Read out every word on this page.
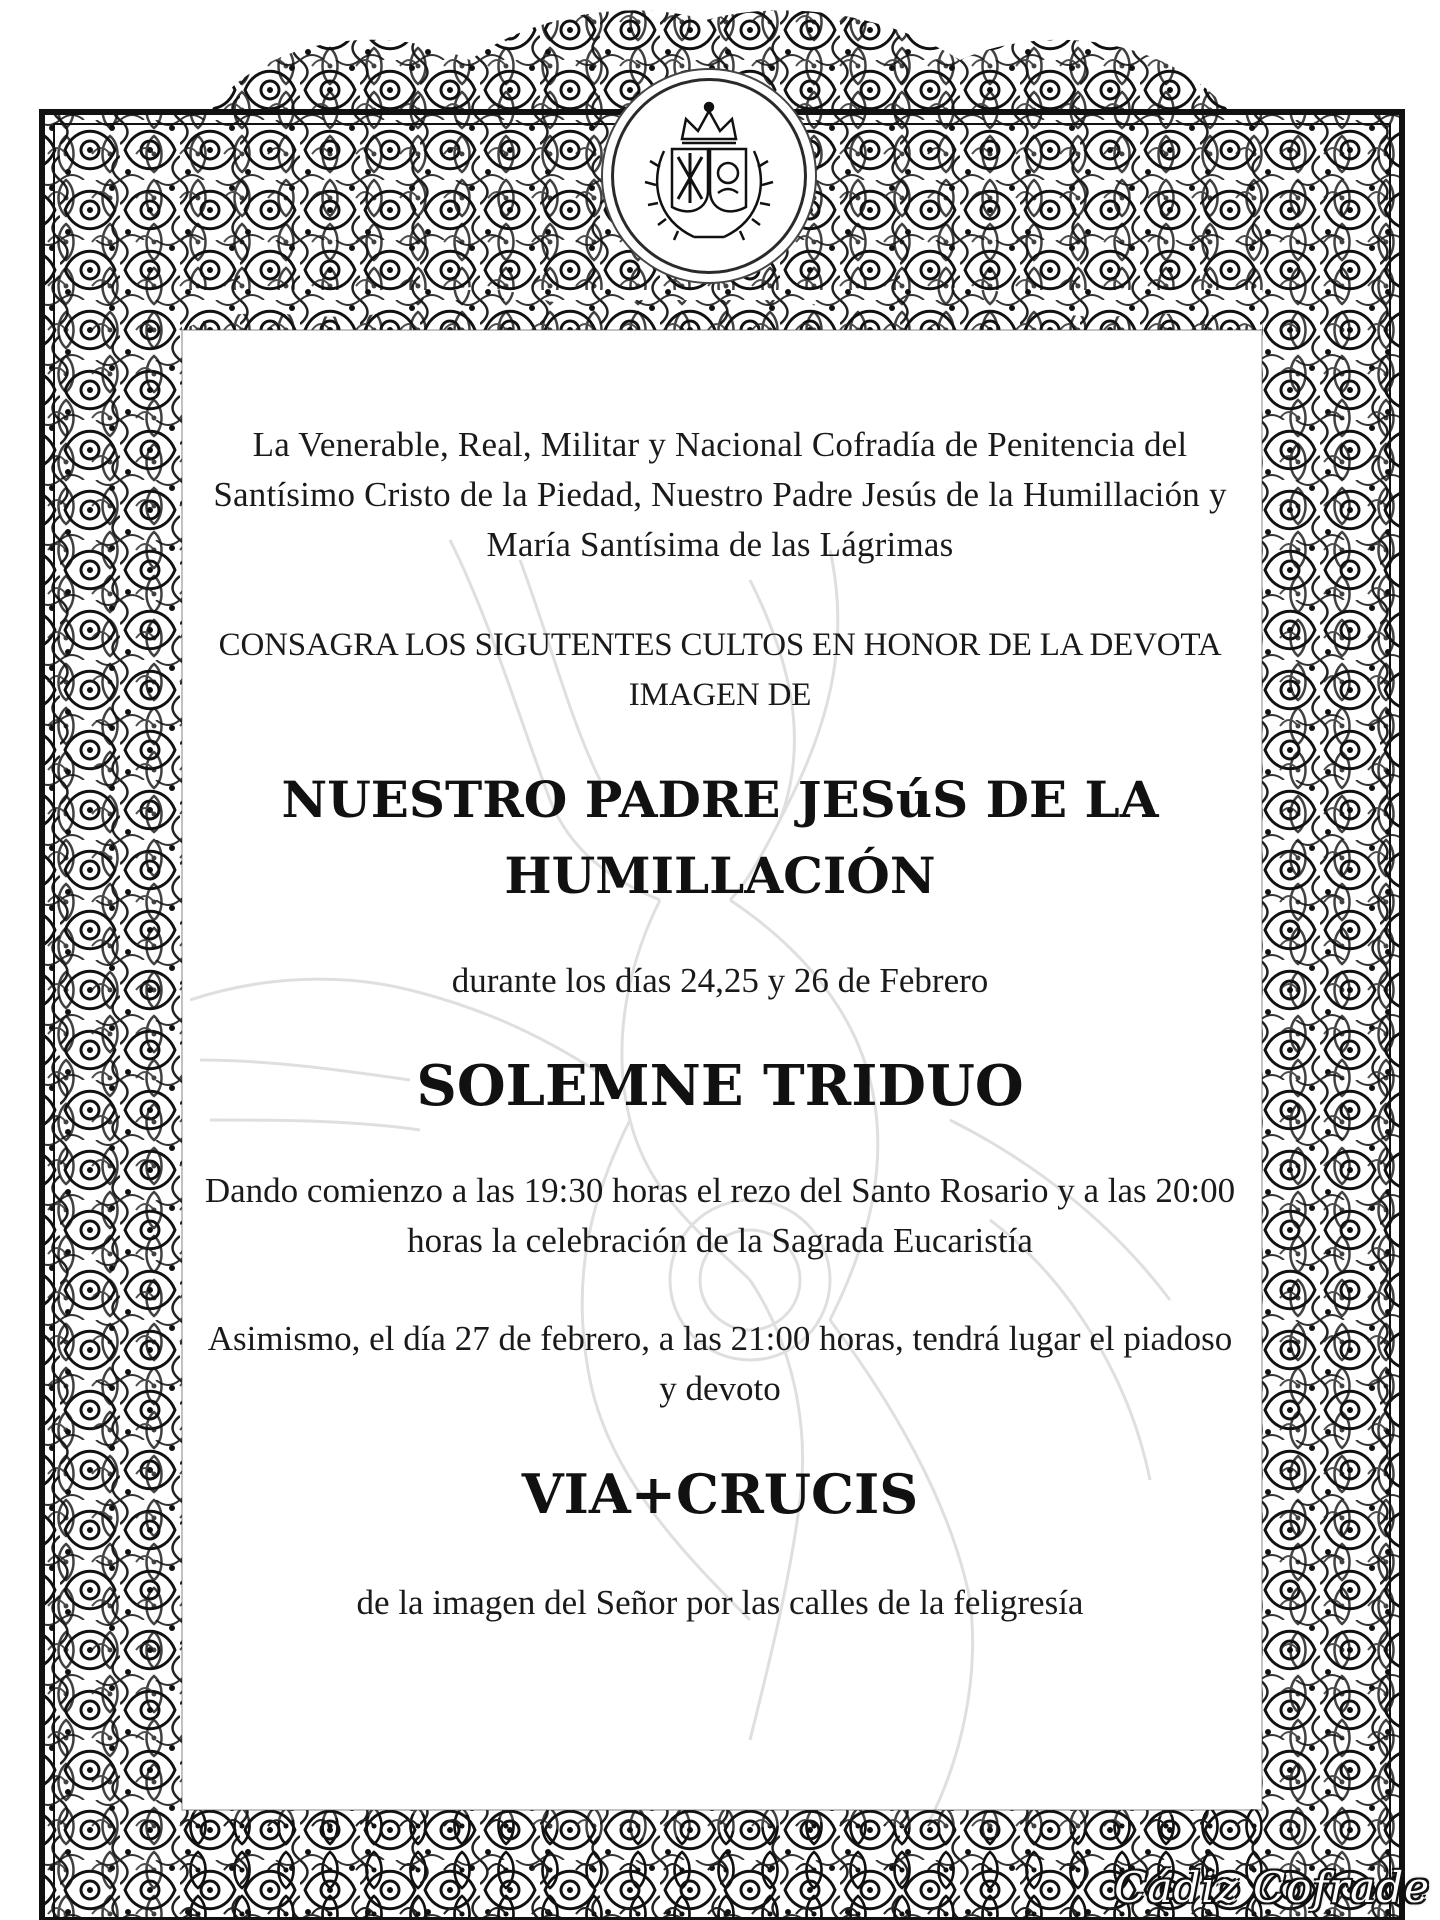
La Venerable, Real, Militar y Nacional Cofradía de Penitencia del Santísimo Cristo de la Piedad, Nuestro Padre Jesús de la Humillación y María Santísima de las Lágrimas

CONSAGRA LOS SIGUTENTES CULTOS EN HONOR DE LA DEVOTA IMAGEN DE

NUESTRO PADRE JESúS DE LA HUMILLACIÓN

durante los días 24,25 y 26 de Febrero

SOLEMNE TRIDUO

Dando comienzo a las 19:30 horas el rezo del Santo Rosario y a las 20:00 horas la celebración de la Sagrada Eucaristía

Asimismo, el día 27 de febrero, a las 21:00 horas, tendrá lugar el piadoso y devoto

VIA+CRUCIS

de la imagen del Señor por las calles de la feligresía

Cádiz Cofrade
